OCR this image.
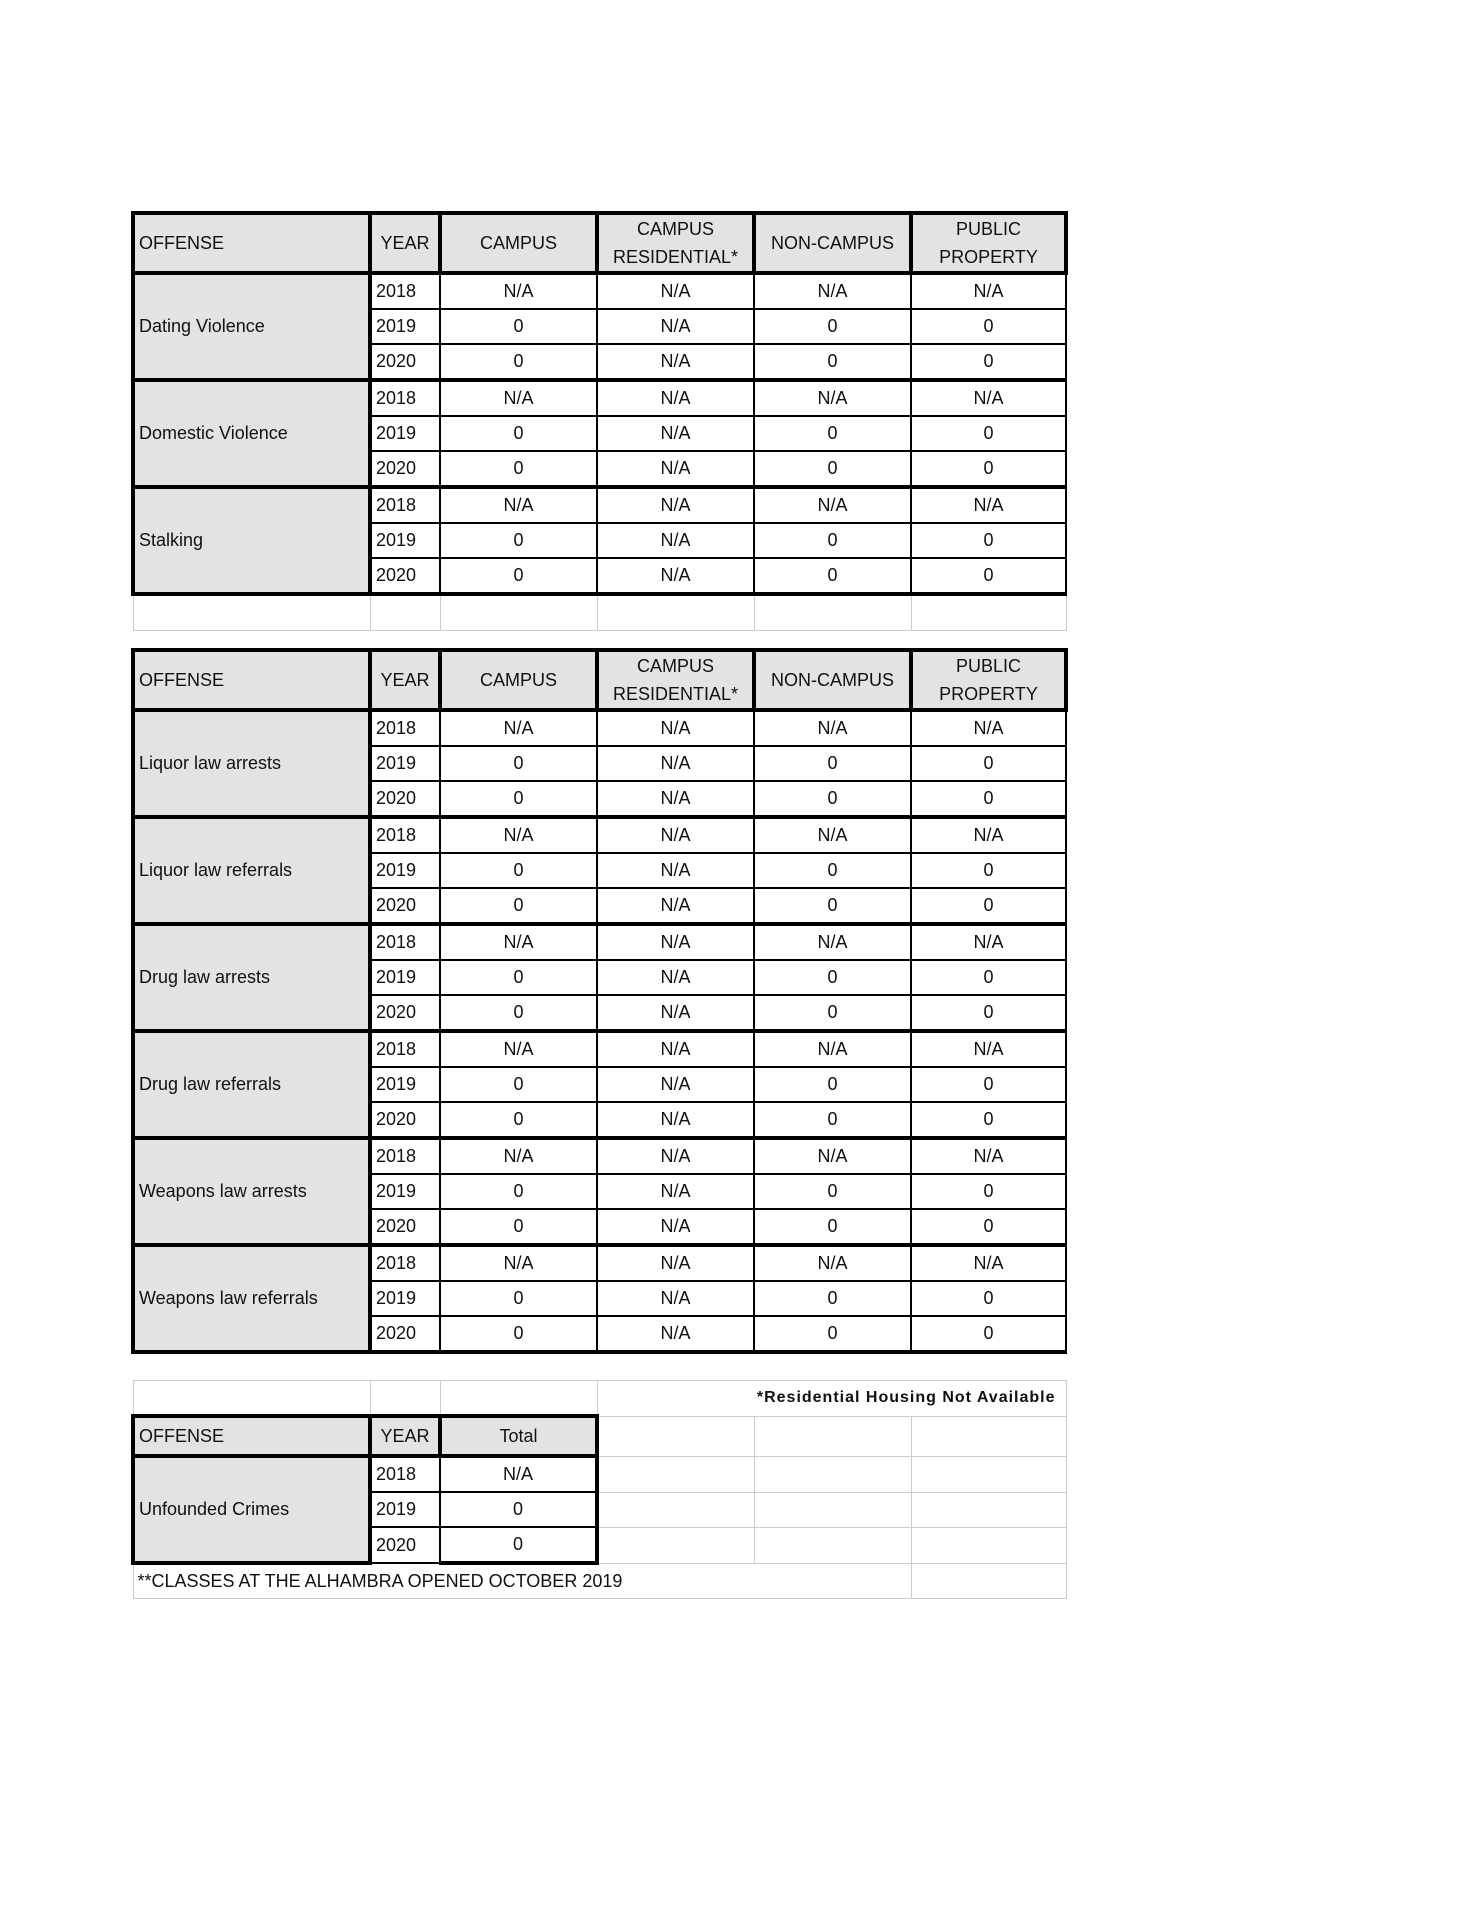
OFFENSE	YEAR	CAMPUS	CAMPUS RESIDENTIAL*	NON-CAMPUS	PUBLIC PROPERTY
Dating Violence	2018	N/A	N/A	N/A	N/A
	2019	0	N/A	0	0
	2020	0	N/A	0	0
Domestic Violence	2018	N/A	N/A	N/A	N/A
	2019	0	N/A	0	0
	2020	0	N/A	0	0
Stalking	2018	N/A	N/A	N/A	N/A
	2019	0	N/A	0	0
	2020	0	N/A	0	0

OFFENSE	YEAR	CAMPUS	CAMPUS RESIDENTIAL*	NON-CAMPUS	PUBLIC PROPERTY
Liquor law arrests	2018	N/A	N/A	N/A	N/A
	2019	0	N/A	0	0
	2020	0	N/A	0	0
Liquor law referrals	2018	N/A	N/A	N/A	N/A
	2019	0	N/A	0	0
	2020	0	N/A	0	0
Drug law arrests	2018	N/A	N/A	N/A	N/A
	2019	0	N/A	0	0
	2020	0	N/A	0	0
Drug law referrals	2018	N/A	N/A	N/A	N/A
	2019	0	N/A	0	0
	2020	0	N/A	0	0
Weapons law arrests	2018	N/A	N/A	N/A	N/A
	2019	0	N/A	0	0
	2020	0	N/A	0	0
Weapons law referrals	2018	N/A	N/A	N/A	N/A
	2019	0	N/A	0	0
	2020	0	N/A	0	0
			*Residential Housing Not Available		
OFFENSE	YEAR	Total			
Unfounded Crimes	2018	N/A			
	2019	0			
	2020	0			
**CLASSES AT THE ALHAMBRA OPENED OCTOBER 2019					
